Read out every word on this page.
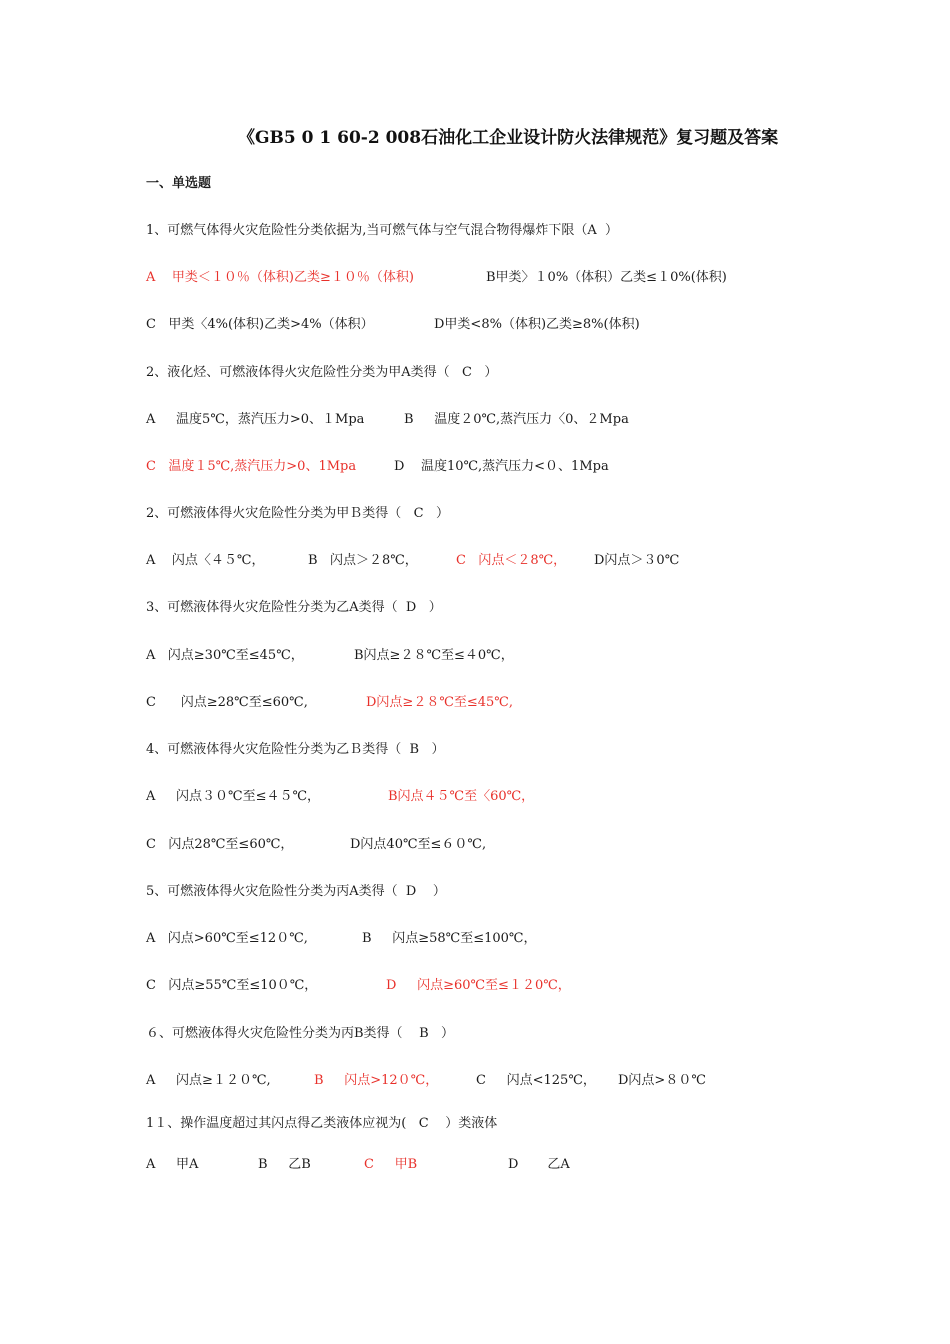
《GB5 0 1 60-2 008石油化工企业设计防火法律规范》复习题及答案
一、单选题
1、可燃气体得火灾危险性分类依据为,当可燃气体与空气混合物得爆炸下限（A  ）
A    甲类＜１０％（体积)乙类≥１０％（体积)	B甲类〉１0%（体积）乙类≤１0%(体积)
C   甲类〈4%(体积)乙类>4%（体积）	D甲类<8%（体积)乙类≥8%(体积)
2、液化烃、可燃液体得火灾危险性分类为甲A类得（   C   ）
A     温度5℃，蒸汽压力>0、１Mpa	B     温度２0℃,蒸汽压力〈0、２Mpa
C   温度１5℃,蒸汽压力>0、1Mpa	D    温度10℃,蒸汽压力<０、1Mpa
2、可燃液体得火灾危险性分类为甲Ｂ类得（   C   ）
A    闪点〈４５℃，	B   闪点＞２8℃，	C   闪点＜２8℃， D闪点＞３0℃
3、可燃液体得火灾危险性分类为乙A类得（  D   ）
A   闪点≥30℃至≤45℃，	B闪点≥２８℃至≤４0℃，
C      闪点≥28℃至≤60℃,	D闪点≥２８℃至≤45℃,
4、可燃液体得火灾危险性分类为乙Ｂ类得（  B   ）
A     闪点３０℃至≤４５℃，	B闪点４５℃至〈60℃，
C   闪点28℃至≤60℃，	D闪点40℃至≤６０℃,
5、可燃液体得火灾危险性分类为丙A类得（  D    ）
A   闪点>60℃至≤12０℃,	B     闪点≥58℃至≤100℃，
C   闪点≥55℃至≤10０℃，	D     闪点≥60℃至≤１２0℃，
６、可燃液体得火灾危险性分类为丙B类得（    B   ）
A     闪点≥１２０℃,	B     闪点>12０℃，	C     闪点<125℃， D闪点>８０℃
1１、操作温度超过其闪点得乙类液体应视为(   C    ）类液体
A     甲A	B     乙B	C     甲B	D       乙A
